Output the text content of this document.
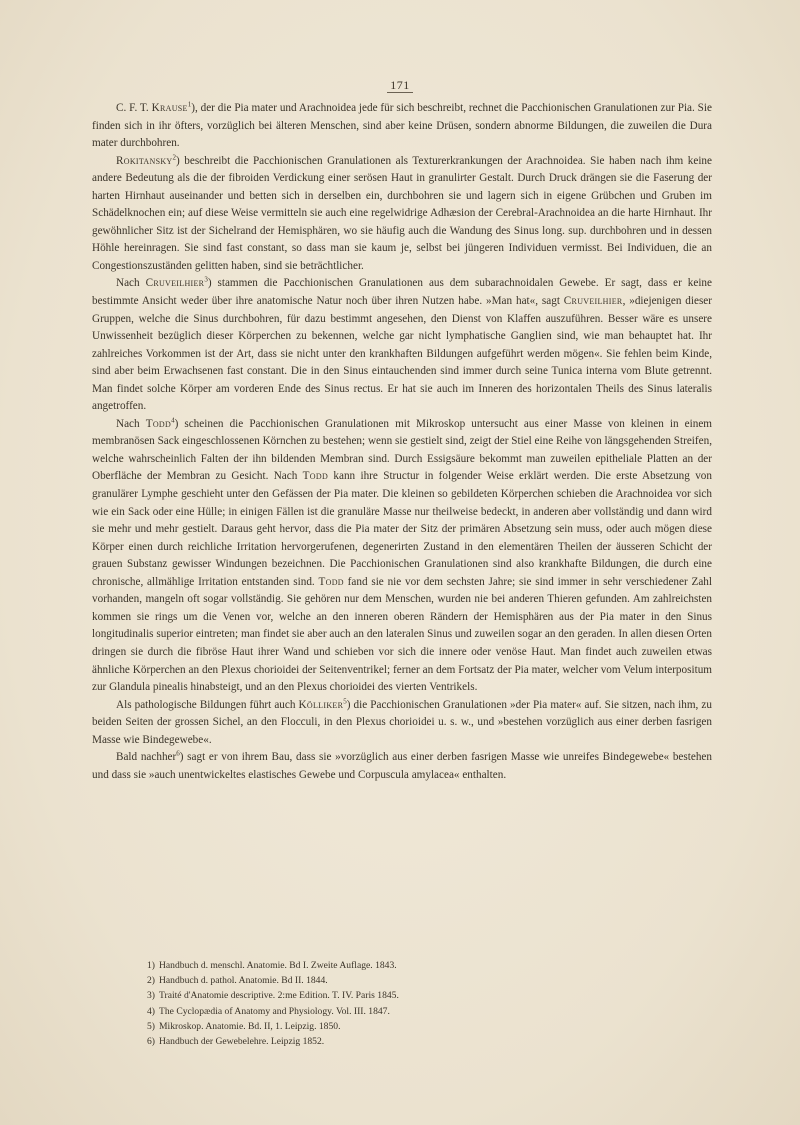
171

C. F. T. Krause$^1$), der die Pia mater und Arachnoidea jede für sich beschreibt, rechnet die Pacchionischen Granulationen zur Pia. Sie finden sich in ihr öfters, vorzüglich bei älteren Menschen, sind aber keine Drüsen, sondern abnorme Bildungen, die zuweilen die Dura mater durchbohren.

Rokitansky$^2$) beschreibt die Pacchionischen Granulationen als Texturerkrankungen der Arachnoidea. Sie haben nach ihm keine andere Bedeutung als die der fibroiden Verdickung einer serösen Haut in granulirter Gestalt. Durch Druck drängen sie die Faserung der harten Hirnhaut auseinander und betten sich in derselben ein, durchbohren sie und lagern sich in eigene Grübchen und Gruben im Schädelknochen ein; auf diese Weise vermitteln sie auch eine regelwidrige Adhæsion der Cerebral-Arachnoidea an die harte Hirnhaut. Ihr gewöhnlicher Sitz ist der Sichelrand der Hemisphären, wo sie häufig auch die Wandung des Sinus long. sup. durchbohren und in dessen Höhle hereinragen. Sie sind fast constant, so dass man sie kaum je, selbst bei jüngeren Individuen vermisst. Bei Individuen, die an Congestionszuständen gelitten haben, sind sie beträchtlicher.

Nach Cruveilhier$^3$) stammen die Pacchionischen Granulationen aus dem subarachnoidalen Gewebe. Er sagt, dass er keine bestimmte Ansicht weder über ihre anatomische Natur noch über ihren Nutzen habe. »Man hat«, sagt Cruveilhier, »diejenigen dieser Gruppen, welche die Sinus durchbohren, für dazu bestimmt angesehen, den Dienst von Klaffen auszuführen. Besser wäre es unsere Unwissenheit bezüglich dieser Körperchen zu bekennen, welche gar nicht lymphatische Ganglien sind, wie man behauptet hat. Ihr zahlreiches Vorkommen ist der Art, dass sie nicht unter den krankhaften Bildungen aufgeführt werden mögen«. Sie fehlen beim Kinde, sind aber beim Erwachsenen fast constant. Die in den Sinus eintauchenden sind immer durch seine Tunica interna vom Blute getrennt. Man findet solche Körper am vorderen Ende des Sinus rectus. Er hat sie auch im Inneren des horizontalen Theils des Sinus lateralis angetroffen.

Nach Todd$^4$) scheinen die Pacchionischen Granulationen mit Mikroskop untersucht aus einer Masse von kleinen in einem membranösen Sack eingeschlossenen Körnchen zu bestehen; wenn sie gestielt sind, zeigt der Stiel eine Reihe von längsgehenden Streifen, welche wahrscheinlich Falten der ihn bildenden Membran sind. Durch Essigsäure bekommt man zuweilen epitheliale Platten an der Oberfläche der Membran zu Gesicht. Nach Todd kann ihre Structur in folgender Weise erklärt werden. Die erste Absetzung von granulärer Lymphe geschieht unter den Gefässen der Pia mater. Die kleinen so gebildeten Körperchen schieben die Arachnoidea vor sich wie ein Sack oder eine Hülle; in einigen Fällen ist die granuläre Masse nur theilweise bedeckt, in anderen aber vollständig und dann wird sie mehr und mehr gestielt. Daraus geht hervor, dass die Pia mater der Sitz der primären Absetzung sein muss, oder auch mögen diese Körper einen durch reichliche Irritation hervorgerufenen, degenerirten Zustand in den elementären Theilen der äusseren Schicht der grauen Substanz gewisser Windungen bezeichnen. Die Pacchionischen Granulationen sind also krankhafte Bildungen, die durch eine chronische, allmählige Irritation entstanden sind. Todd fand sie nie vor dem sechsten Jahre; sie sind immer in sehr verschiedener Zahl vorhanden, mangeln oft sogar vollständig. Sie gehören nur dem Menschen, wurden nie bei anderen Thieren gefunden. Am zahlreichsten kommen sie rings um die Venen vor, welche an den inneren oberen Rändern der Hemisphären aus der Pia mater in den Sinus longitudinalis superior eintreten; man findet sie aber auch an den lateralen Sinus und zuweilen sogar an den geraden. In allen diesen Orten dringen sie durch die fibröse Haut ihrer Wand und schieben vor sich die innere oder venöse Haut. Man findet auch zuweilen etwas ähnliche Körperchen an den Plexus chorioidei der Seitenventrikel; ferner an dem Fortsatz der Pia mater, welcher vom Velum interpositum zur Glandula pinealis hinabsteigt, und an den Plexus chorioidei des vierten Ventrikels.

Als pathologische Bildungen führt auch Kölliker$^5$) die Pacchionischen Granulationen »der Pia mater« auf. Sie sitzen, nach ihm, zu beiden Seiten der grossen Sichel, an den Flocculi, in den Plexus chorioidei u. s. w., und »bestehen vorzüglich aus einer derben fasrigen Masse wie Bindegewebe«.

Bald nachher$^6$) sagt er von ihrem Bau, dass sie »vorzüglich aus einer derben fasrigen Masse wie unreifes Bindegewebe« bestehen und dass sie »auch unentwickeltes elastisches Gewebe und Corpuscula amylacea« enthalten.

1) Handbuch d. menschl. Anatomie. Bd I. Zweite Auflage. 1843.
2) Handbuch d. pathol. Anatomie. Bd II. 1844.
3) Traité d'Anatomie descriptive. 2:me Edition. T. IV. Paris 1845.
4) The Cyclopædia of Anatomy and Physiology. Vol. III. 1847.
5) Mikroskop. Anatomie. Bd. II, 1. Leipzig. 1850.
6) Handbuch der Gewebelehre. Leipzig 1852.
